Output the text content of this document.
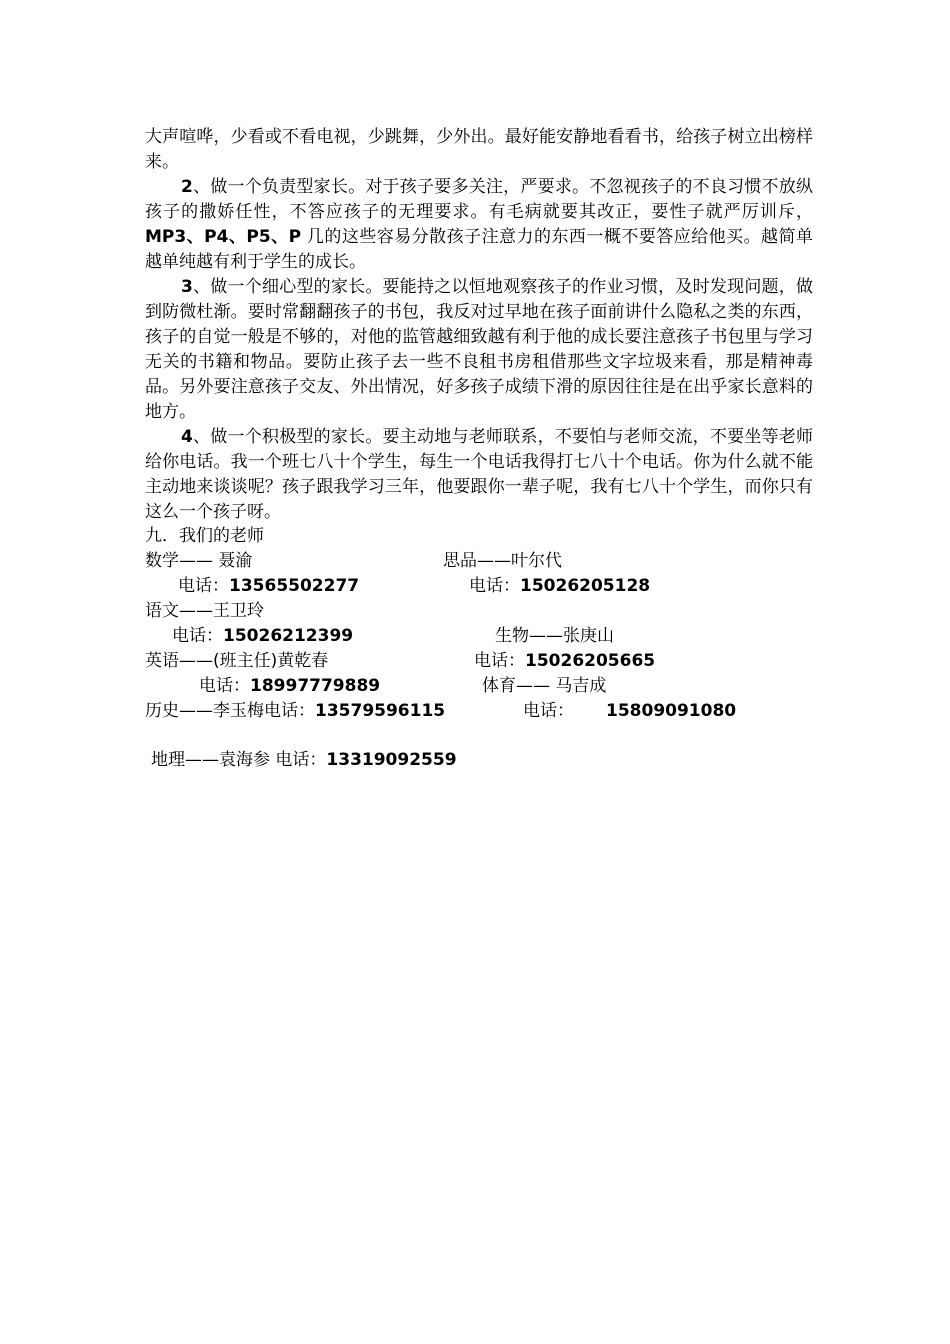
大声喧哗，少看或不看电视，少跳舞，少外出。最好能安静地看看书，给孩子树立出榜样来。

2、做一个负责型家长。对于孩子要多关注，严要求。不忽视孩子的不良习惯不放纵孩子的撒娇任性，不答应孩子的无理要求。有毛病就要其改正，要性子就严厉训斥，MP3、P4、P5、P 几的这些容易分散孩子注意力的东西一概不要答应给他买。越简单越单纯越有利于学生的成长。

3、做一个细心型的家长。要能持之以恒地观察孩子的作业习惯，及时发现问题，做到防微杜渐。要时常翻翻孩子的书包，我反对过早地在孩子面前讲什么隐私之类的东西，孩子的自觉一般是不够的，对他的监管越细致越有利于他的成长要注意孩子书包里与学习无关的书籍和物品。要防止孩子去一些不良租书房租借那些文字垃圾来看，那是精神毒品。另外要注意孩子交友、外出情况，好多孩子成绩下滑的原因往往是在出乎家长意料的地方。

4、做一个积极型的家长。要主动地与老师联系，不要怕与老师交流，不要坐等老师给你电话。我一个班七八十个学生，每生一个电话我得打七八十个电话。你为什么就不能主动地来谈谈呢？孩子跟我学习三年，他要跟你一辈子呢，我有七八十个学生，而你只有这么一个孩子呀。

九．我们的老师
数学—— 聂渝	思品——叶尔代
电话：13565502277	电话：15026205128
语文——王卫玲
电话：15026212399	生物——张庚山
英语——(班主任)黄乾春	电话：15026205665
电话：18997779889	体育—— 马吉成
历史——李玉梅电话：13579596115	电话： 15809091080
地理——袁海参 电话：13319092559
